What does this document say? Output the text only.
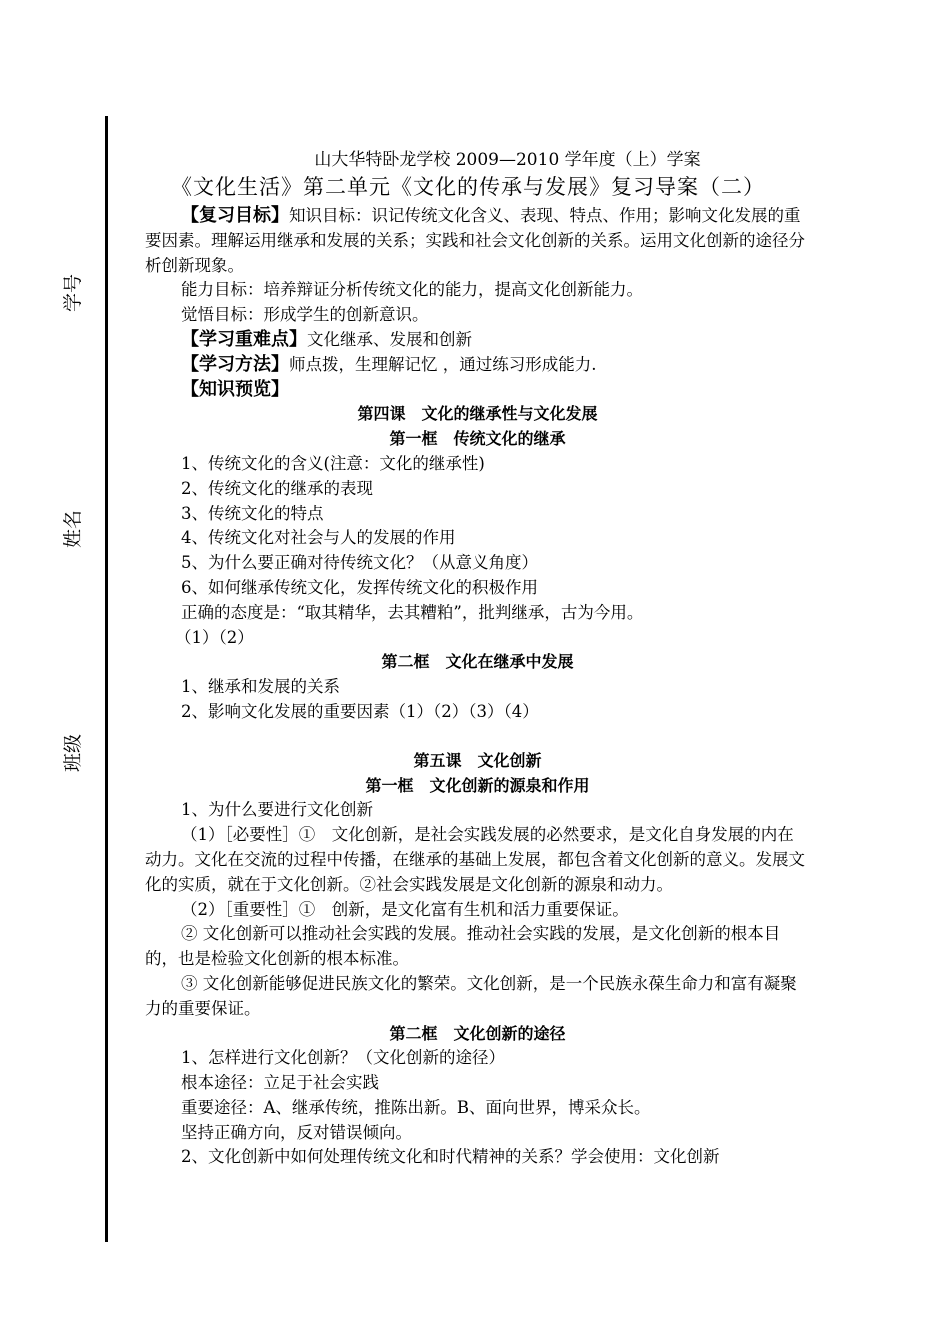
学号
姓名
班级
山大华特卧龙学校 2009—2010 学年度（上）学案
《文化生活》第二单元《文化的传承与发展》复习导案（二）

【复习目标】知识目标：识记传统文化含义、表现、特点、作用；影响文化发展的重要因素。理解运用继承和发展的关系；实践和社会文化创新的关系。运用文化创新的途径分析创新现象。

能力目标：培养辩证分析传统文化的能力，提高文化创新能力。

觉悟目标：形成学生的创新意识。

【学习重难点】文化继承、发展和创新

【学习方法】师点拨，生理解记忆 ，通过练习形成能力.

【知识预览】

第四课　文化的继承性与文化发展
第一框　传统文化的继承

1、传统文化的含义(注意：文化的继承性)

2、传统文化的继承的表现

3、传统文化的特点

4、传统文化对社会与人的发展的作用

5、为什么要正确对待传统文化？（从意义角度）

6、如何继承传统文化，发挥传统文化的积极作用

正确的态度是：“取其精华，去其糟粕”，批判继承，古为今用。

（1）（2）

第二框　文化在继承中发展

1、继承和发展的关系

2、影响文化发展的重要因素（1）（2）（3）（4）

第五课　文化创新
第一框　文化创新的源泉和作用

1、为什么要进行文化创新

（1）［必要性］①　文化创新，是社会实践发展的必然要求，是文化自身发展的内在动力。文化在交流的过程中传播，在继承的基础上发展，都包含着文化创新的意义。发展文化的实质，就在于文化创新。②社会实践发展是文化创新的源泉和动力。

（2）［重要性］①　创新，是文化富有生机和活力重要保证。

② 文化创新可以推动社会实践的发展。推动社会实践的发展，是文化创新的根本目的，也是检验文化创新的根本标准。

③ 文化创新能够促进民族文化的繁荣。文化创新，是一个民族永葆生命力和富有凝聚力的重要保证。

第二框　文化创新的途径

1、怎样进行文化创新？（文化创新的途径）

根本途径：立足于社会实践

重要途径：A、继承传统，推陈出新。B、面向世界，博采众长。

坚持正确方向，反对错误倾向。

2、文化创新中如何处理传统文化和时代精神的关系？学会使用：文化创新
